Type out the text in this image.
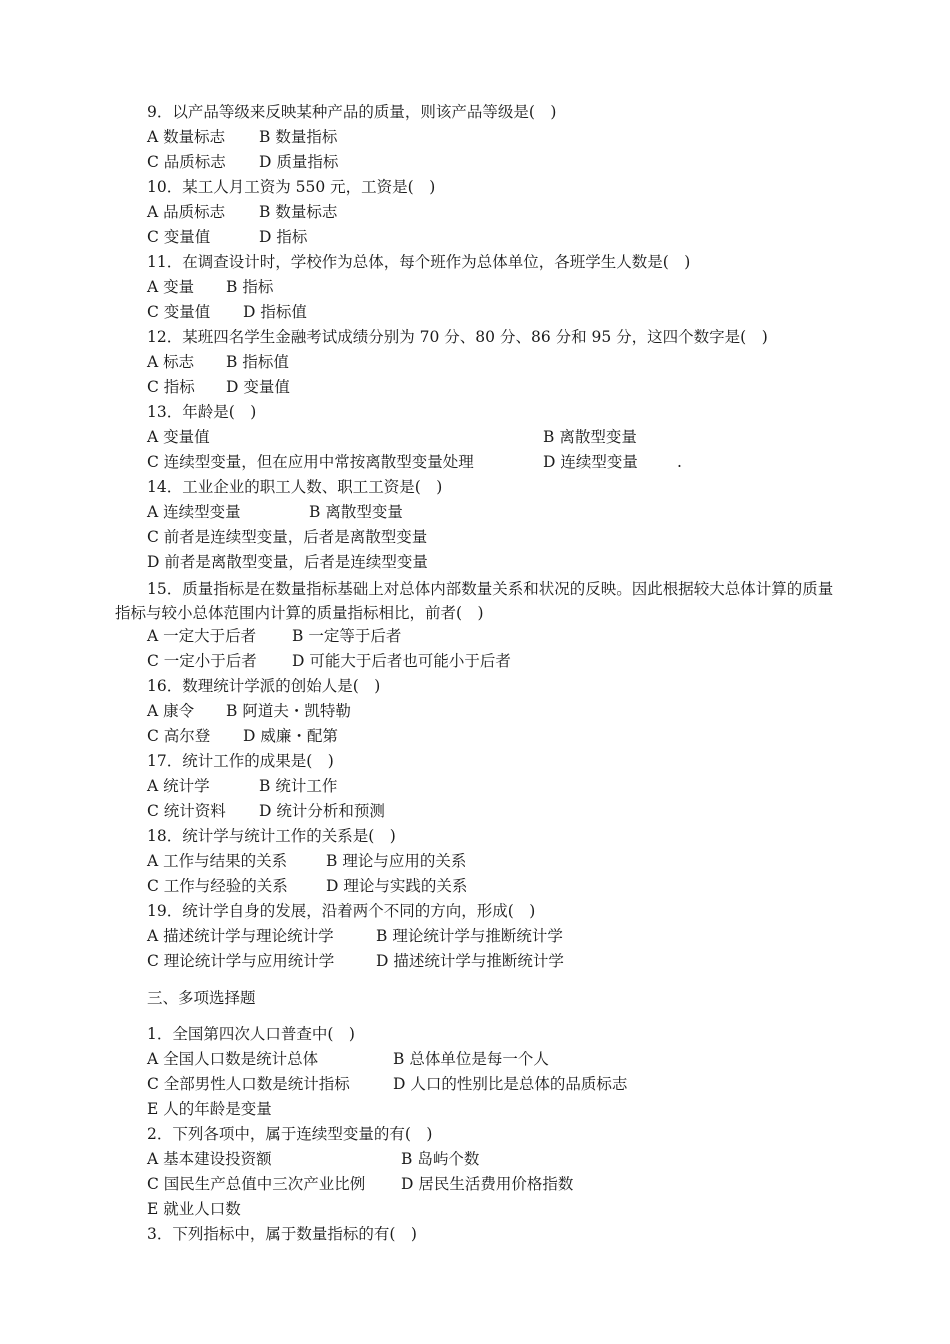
9．以产品等级来反映某种产品的质量，则该产品等级是(　)
A 数量标志 B 数量指标
C 品质标志 D 质量指标
10．某工人月工资为 550 元，工资是(　)
A 品质标志 B 数量标志
C 变量值	D 指标
11．在调查设计时，学校作为总体，每个班作为总体单位，各班学生人数是(　)
A 变量 B 指标
C 变量值 D 指标值
12．某班四名学生金融考试成绩分别为 70 分、80 分、86 分和 95 分，这四个数字是(　)
A 标志 B 指标值
C 指标 D 变量值
13．年龄是(　)
A 变量值	B 离散型变量
C 连续型变量，但在应用中常按离散型变量处理	D 连续型变量	.
14．工业企业的职工人数、职工工资是(　)
A 连续型变量	B 离散型变量
C 前者是连续型变量，后者是离散型变量
D 前者是离散型变量，后者是连续型变量
15．质量指标是在数量指标基础上对总体内部数量关系和状况的反映。因此根据较大总体计算的质量指标与较小总体范围内计算的质量指标相比，前者(　)
A 一定大于后者 B 一定等于后者
C 一定小于后者 D 可能大于后者也可能小于后者
16．数理统计学派的创始人是(　)
A 康令 B 阿道夫・凯特勒
C 高尔登 D 威廉・配第
17．统计工作的成果是(　)
A 统计学	B 统计工作
C 统计资料 D 统计分析和预测
18．统计学与统计工作的关系是(　)
A 工作与结果的关系	B 理论与应用的关系
C 工作与经验的关系 D 理论与实践的关系
19．统计学自身的发展，沿着两个不同的方向，形成(　)
A 描述统计学与理论统计学	B 理论统计学与推断统计学
C 理论统计学与应用统计学	D 描述统计学与推断统计学
三、多项选择题
1．全国第四次人口普查中(　)
A 全国人口数是统计总体	B 总体单位是每一个人
C 全部男性人口数是统计指标	D 人口的性别比是总体的品质标志
E 人的年龄是变量
2．下列各项中，属于连续型变量的有(　)
A 基本建设投资额	B 岛屿个数
C 国民生产总值中三次产业比例 D 居民生活费用价格指数
E 就业人口数
3．下列指标中，属于数量指标的有(　)
